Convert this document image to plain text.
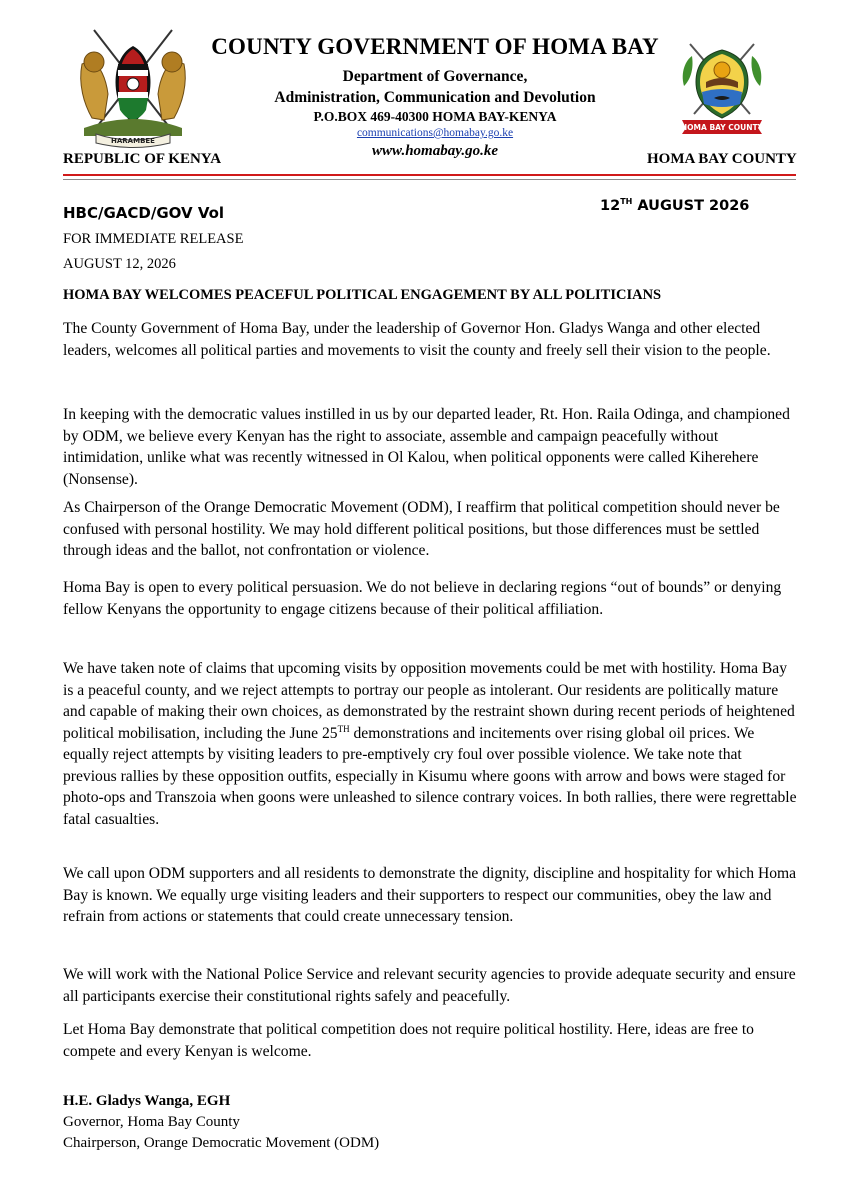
HARAMBEE
HOMA BAY COUNTY
COUNTY GOVERNMENT OF HOMA BAY
Department of Governance,
Administration, Communication and Devolution
P.O.BOX 469-40300 HOMA BAY-KENYA
communications@homabay.go.ke
www.homabay.go.ke
REPUBLIC OF KENYA	HOMA BAY COUNTY
HBC/GACD/GOV Vol	12TH AUGUST 2026
FOR IMMEDIATE RELEASE
AUGUST 12, 2026
HOMA BAY WELCOMES PEACEFUL POLITICAL ENGAGEMENT BY ALL POLITICIANS

The County Government of Homa Bay, under the leadership of Governor Hon. Gladys Wanga and other elected leaders, welcomes all political parties and movements to visit the county and freely sell their vision to the people.

In keeping with the democratic values instilled in us by our departed leader, Rt. Hon. Raila Odinga, and championed by ODM, we believe every Kenyan has the right to associate, assemble and campaign peacefully without intimidation, unlike what was recently witnessed in Ol Kalou, when political opponents were called Kiherehere (Nonsense).

As Chairperson of the Orange Democratic Movement (ODM), I reaffirm that political competition should never be confused with personal hostility. We may hold different political positions, but those differences must be settled through ideas and the ballot, not confrontation or violence.

Homa Bay is open to every political persuasion. We do not believe in declaring regions “out of bounds” or denying fellow Kenyans the opportunity to engage citizens because of their political affiliation.

We have taken note of claims that upcoming visits by opposition movements could be met with hostility. Homa Bay is a peaceful county, and we reject attempts to portray our people as intolerant. Our residents are politically mature and capable of making their own choices, as demonstrated by the restraint shown during recent periods of heightened political mobilisation, including the June 25TH demonstrations and incitements over rising global oil prices. We equally reject attempts by visiting leaders to pre-emptively cry foul over possible violence. We take note that previous rallies by these opposition outfits, especially in Kisumu where goons with arrow and bows were staged for photo-ops and Transzoia when goons were unleashed to silence contrary voices. In both rallies, there were regrettable fatal casualties.

We call upon ODM supporters and all residents to demonstrate the dignity, discipline and hospitality for which Homa Bay is known. We equally urge visiting leaders and their supporters to respect our communities, obey the law and refrain from actions or statements that could create unnecessary tension.

We will work with the National Police Service and relevant security agencies to provide adequate security and ensure all participants exercise their constitutional rights safely and peacefully.

Let Homa Bay demonstrate that political competition does not require political hostility. Here, ideas are free to compete and every Kenyan is welcome.

H.E. Gladys Wanga, EGH
Governor, Homa Bay County
Chairperson, Orange Democratic Movement (ODM)
